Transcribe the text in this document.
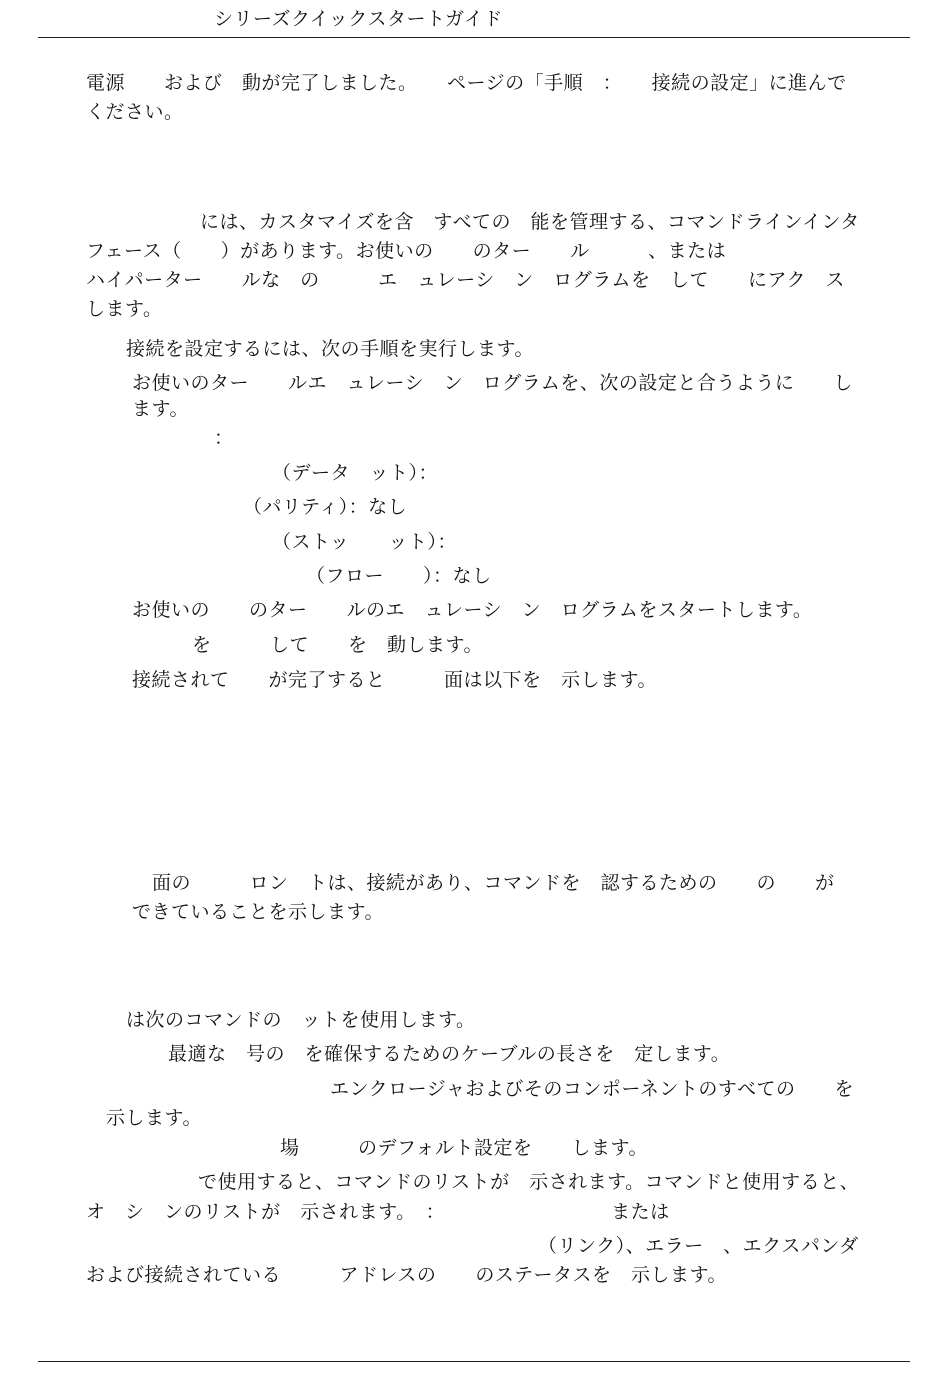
シリーズクイックスタートガイド
電源　　および　動が完了しました。　　ページの「手順　：　　接続の設定」に進んで
ください。
には、カスタマイズを含　すべての　能を管理する、コマンドラインインタ
フェース（　　）があります。お使いの　　のター　　ル　　　、または
ハイパーター　　ルな　の　　　エ　ュレーシ　ン　ログラムを　して　　にアク　ス
します。
接続を設定するには、次の手順を実行します。
お使いのター　　ルエ　ュレーシ　ン　ログラムを、次の設定と合うように　　し
ます。
：
（データ　ット）：
（パリティ）：なし
（ストッ　　ット）：
（フロー　　）：なし
お使いの　　のター　　ルのエ　ュレーシ　ン　ログラムをスタートします。
を　　　して　　を　動します。
接続されて　　が完了すると　　　面は以下を　示します。
面の　　　ロン　トは、接続があり、コマンドを　認するための　　の　　が
できていることを示します。
は次のコマンドの　ットを使用します。
最適な　号の　を確保するためのケーブルの長さを　定します。
エンクロージャおよびそのコンポーネントのすべての　　を
示します。
場　　　のデフォルト設定を　　します。
で使用すると、コマンドのリストが　示されます。コマンドと使用すると、
オ　シ　ンのリストが　示されます。　：　　　　　　　　　または
（リンク）、エラー　、エクスパンダ
および接続されている　　　アドレスの　　のステータスを　示します。
